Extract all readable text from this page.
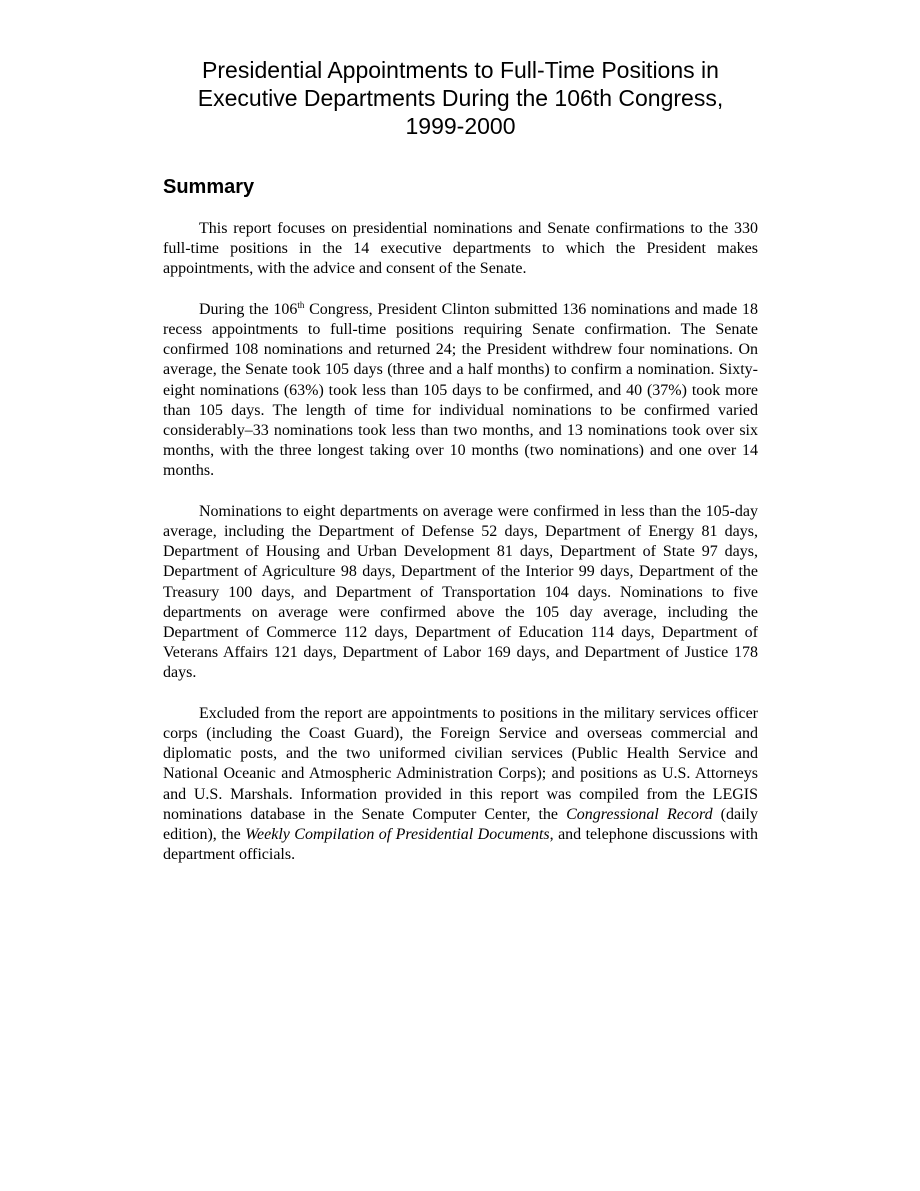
Presidential Appointments to Full-Time Positions in
Executive Departments During the 106th Congress,
1999-2000
Summary

This report focuses on presidential nominations and Senate confirmations to the 330 full-time positions in the 14 executive departments to which the President makes appointments, with the advice and consent of the Senate.

During the 106th Congress, President Clinton submitted 136 nominations and made 18 recess appointments to full-time positions requiring Senate confirmation. The Senate confirmed 108 nominations and returned 24; the President withdrew four nominations. On average, the Senate took 105 days (three and a half months) to confirm a nomination. Sixty-eight nominations (63%) took less than 105 days to be confirmed, and 40 (37%) took more than 105 days. The length of time for individual nominations to be confirmed varied considerably–33 nominations took less than two months, and 13 nominations took over six months, with the three longest taking over 10 months (two nominations) and one over 14 months.

Nominations to eight departments on average were confirmed in less than the 105-day average, including the Department of Defense 52 days, Department of Energy 81 days, Department of Housing and Urban Development 81 days, Department of State 97 days, Department of Agriculture 98 days, Department of the Interior 99 days, Department of the Treasury 100 days, and Department of Transportation 104 days. Nominations to five departments on average were confirmed above the 105 day average, including the Department of Commerce 112 days, Department of Education 114 days, Department of Veterans Affairs 121 days, Department of Labor 169 days, and Department of Justice 178 days.

Excluded from the report are appointments to positions in the military services officer corps (including the Coast Guard), the Foreign Service and overseas commercial and diplomatic posts, and the two uniformed civilian services (Public Health Service and National Oceanic and Atmospheric Administration Corps); and positions as U.S. Attorneys and U.S. Marshals. Information provided in this report was compiled from the LEGIS nominations database in the Senate Computer Center, the Congressional Record (daily edition), the Weekly Compilation of Presidential Documents, and telephone discussions with department officials.
